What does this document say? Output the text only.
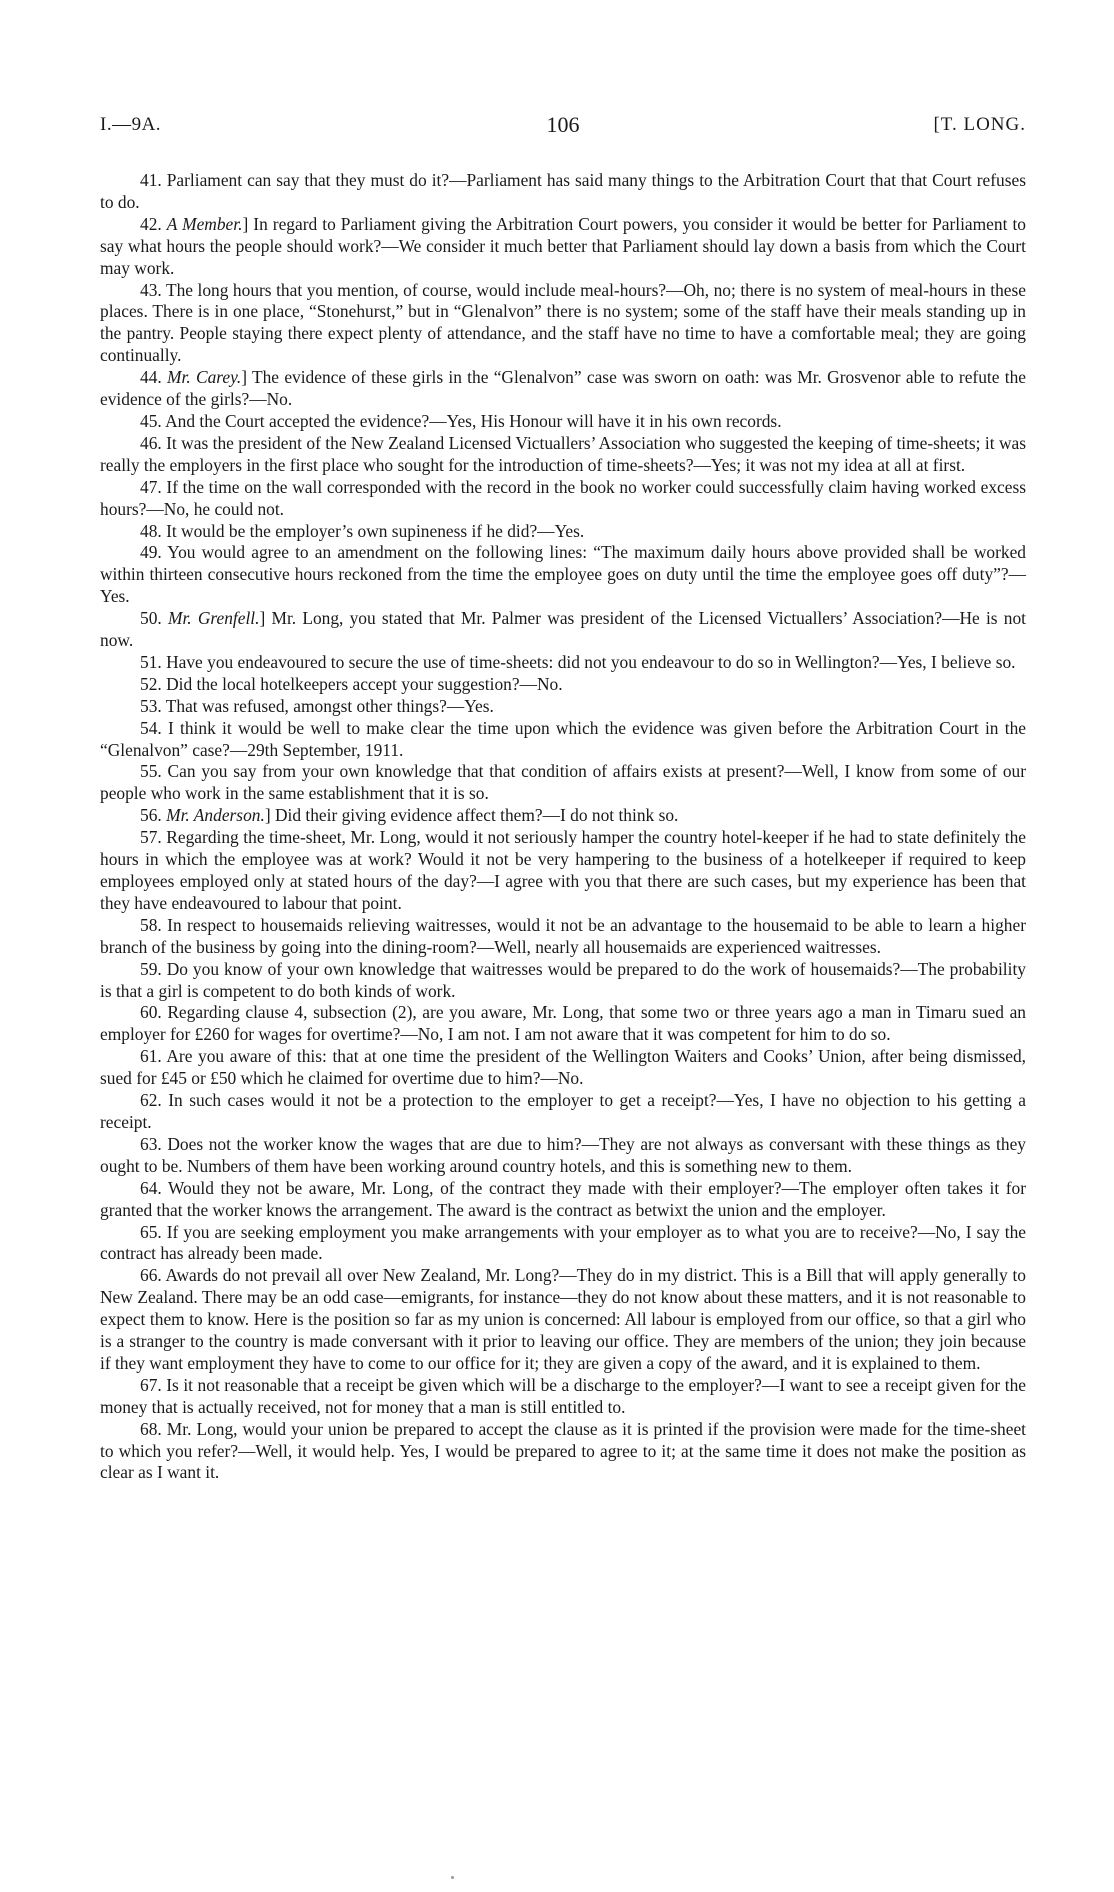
I.—9A.	106	[T. LONG.

41. Parliament can say that they must do it?—Parliament has said many things to the Arbitration Court that that Court refuses to do.

42. A Member.] In regard to Parliament giving the Arbitration Court powers, you consider it would be better for Parliament to say what hours the people should work?—We consider it much better that Parliament should lay down a basis from which the Court may work.

43. The long hours that you mention, of course, would include meal-hours?—Oh, no; there is no system of meal-hours in these places. There is in one place, “Stonehurst,” but in “Glenalvon” there is no system; some of the staff have their meals standing up in the pantry. People staying there expect plenty of attendance, and the staff have no time to have a comfortable meal; they are going continually.

44. Mr. Carey.] The evidence of these girls in the “Glenalvon” case was sworn on oath: was Mr. Grosvenor able to refute the evidence of the girls?—No.

45. And the Court accepted the evidence?—Yes, His Honour will have it in his own records.

46. It was the president of the New Zealand Licensed Victuallers’ Association who suggested the keeping of time-sheets; it was really the employers in the first place who sought for the introduction of time-sheets?—Yes; it was not my idea at all at first.

47. If the time on the wall corresponded with the record in the book no worker could successfully claim having worked excess hours?—No, he could not.

48. It would be the employer’s own supineness if he did?—Yes.

49. You would agree to an amendment on the following lines: “The maximum daily hours above provided shall be worked within thirteen consecutive hours reckoned from the time the employee goes on duty until the time the employee goes off duty”?—Yes.

50. Mr. Grenfell.] Mr. Long, you stated that Mr. Palmer was president of the Licensed Victuallers’ Association?—He is not now.

51. Have you endeavoured to secure the use of time-sheets: did not you endeavour to do so in Wellington?—Yes, I believe so.

52. Did the local hotelkeepers accept your suggestion?—No.

53. That was refused, amongst other things?—Yes.

54. I think it would be well to make clear the time upon which the evidence was given before the Arbitration Court in the “Glenalvon” case?—29th September, 1911.

55. Can you say from your own knowledge that that condition of affairs exists at present?—Well, I know from some of our people who work in the same establishment that it is so.

56. Mr. Anderson.] Did their giving evidence affect them?—I do not think so.

57. Regarding the time-sheet, Mr. Long, would it not seriously hamper the country hotel-keeper if he had to state definitely the hours in which the employee was at work? Would it not be very hampering to the business of a hotelkeeper if required to keep employees employed only at stated hours of the day?—I agree with you that there are such cases, but my experience has been that they have endeavoured to labour that point.

58. In respect to housemaids relieving waitresses, would it not be an advantage to the housemaid to be able to learn a higher branch of the business by going into the dining-room?—Well, nearly all housemaids are experienced waitresses.

59. Do you know of your own knowledge that waitresses would be prepared to do the work of housemaids?—The probability is that a girl is competent to do both kinds of work.

60. Regarding clause 4, subsection (2), are you aware, Mr. Long, that some two or three years ago a man in Timaru sued an employer for £260 for wages for overtime?—No, I am not. I am not aware that it was competent for him to do so.

61. Are you aware of this: that at one time the president of the Wellington Waiters and Cooks’ Union, after being dismissed, sued for £45 or £50 which he claimed for overtime due to him?—No.

62. In such cases would it not be a protection to the employer to get a receipt?—Yes, I have no objection to his getting a receipt.

63. Does not the worker know the wages that are due to him?—They are not always as conversant with these things as they ought to be. Numbers of them have been working around country hotels, and this is something new to them.

64. Would they not be aware, Mr. Long, of the contract they made with their employer?—The employer often takes it for granted that the worker knows the arrangement. The award is the contract as betwixt the union and the employer.

65. If you are seeking employment you make arrangements with your employer as to what you are to receive?—No, I say the contract has already been made.

66. Awards do not prevail all over New Zealand, Mr. Long?—They do in my district. This is a Bill that will apply generally to New Zealand. There may be an odd case—emigrants, for instance—they do not know about these matters, and it is not reasonable to expect them to know. Here is the position so far as my union is concerned: All labour is employed from our office, so that a girl who is a stranger to the country is made conversant with it prior to leaving our office. They are members of the union; they join because if they want employment they have to come to our office for it; they are given a copy of the award, and it is explained to them.

67. Is it not reasonable that a receipt be given which will be a discharge to the employer?—I want to see a receipt given for the money that is actually received, not for money that a man is still entitled to.

68. Mr. Long, would your union be prepared to accept the clause as it is printed if the provision were made for the time-sheet to which you refer?—Well, it would help. Yes, I would be prepared to agree to it; at the same time it does not make the position as clear as I want it.
